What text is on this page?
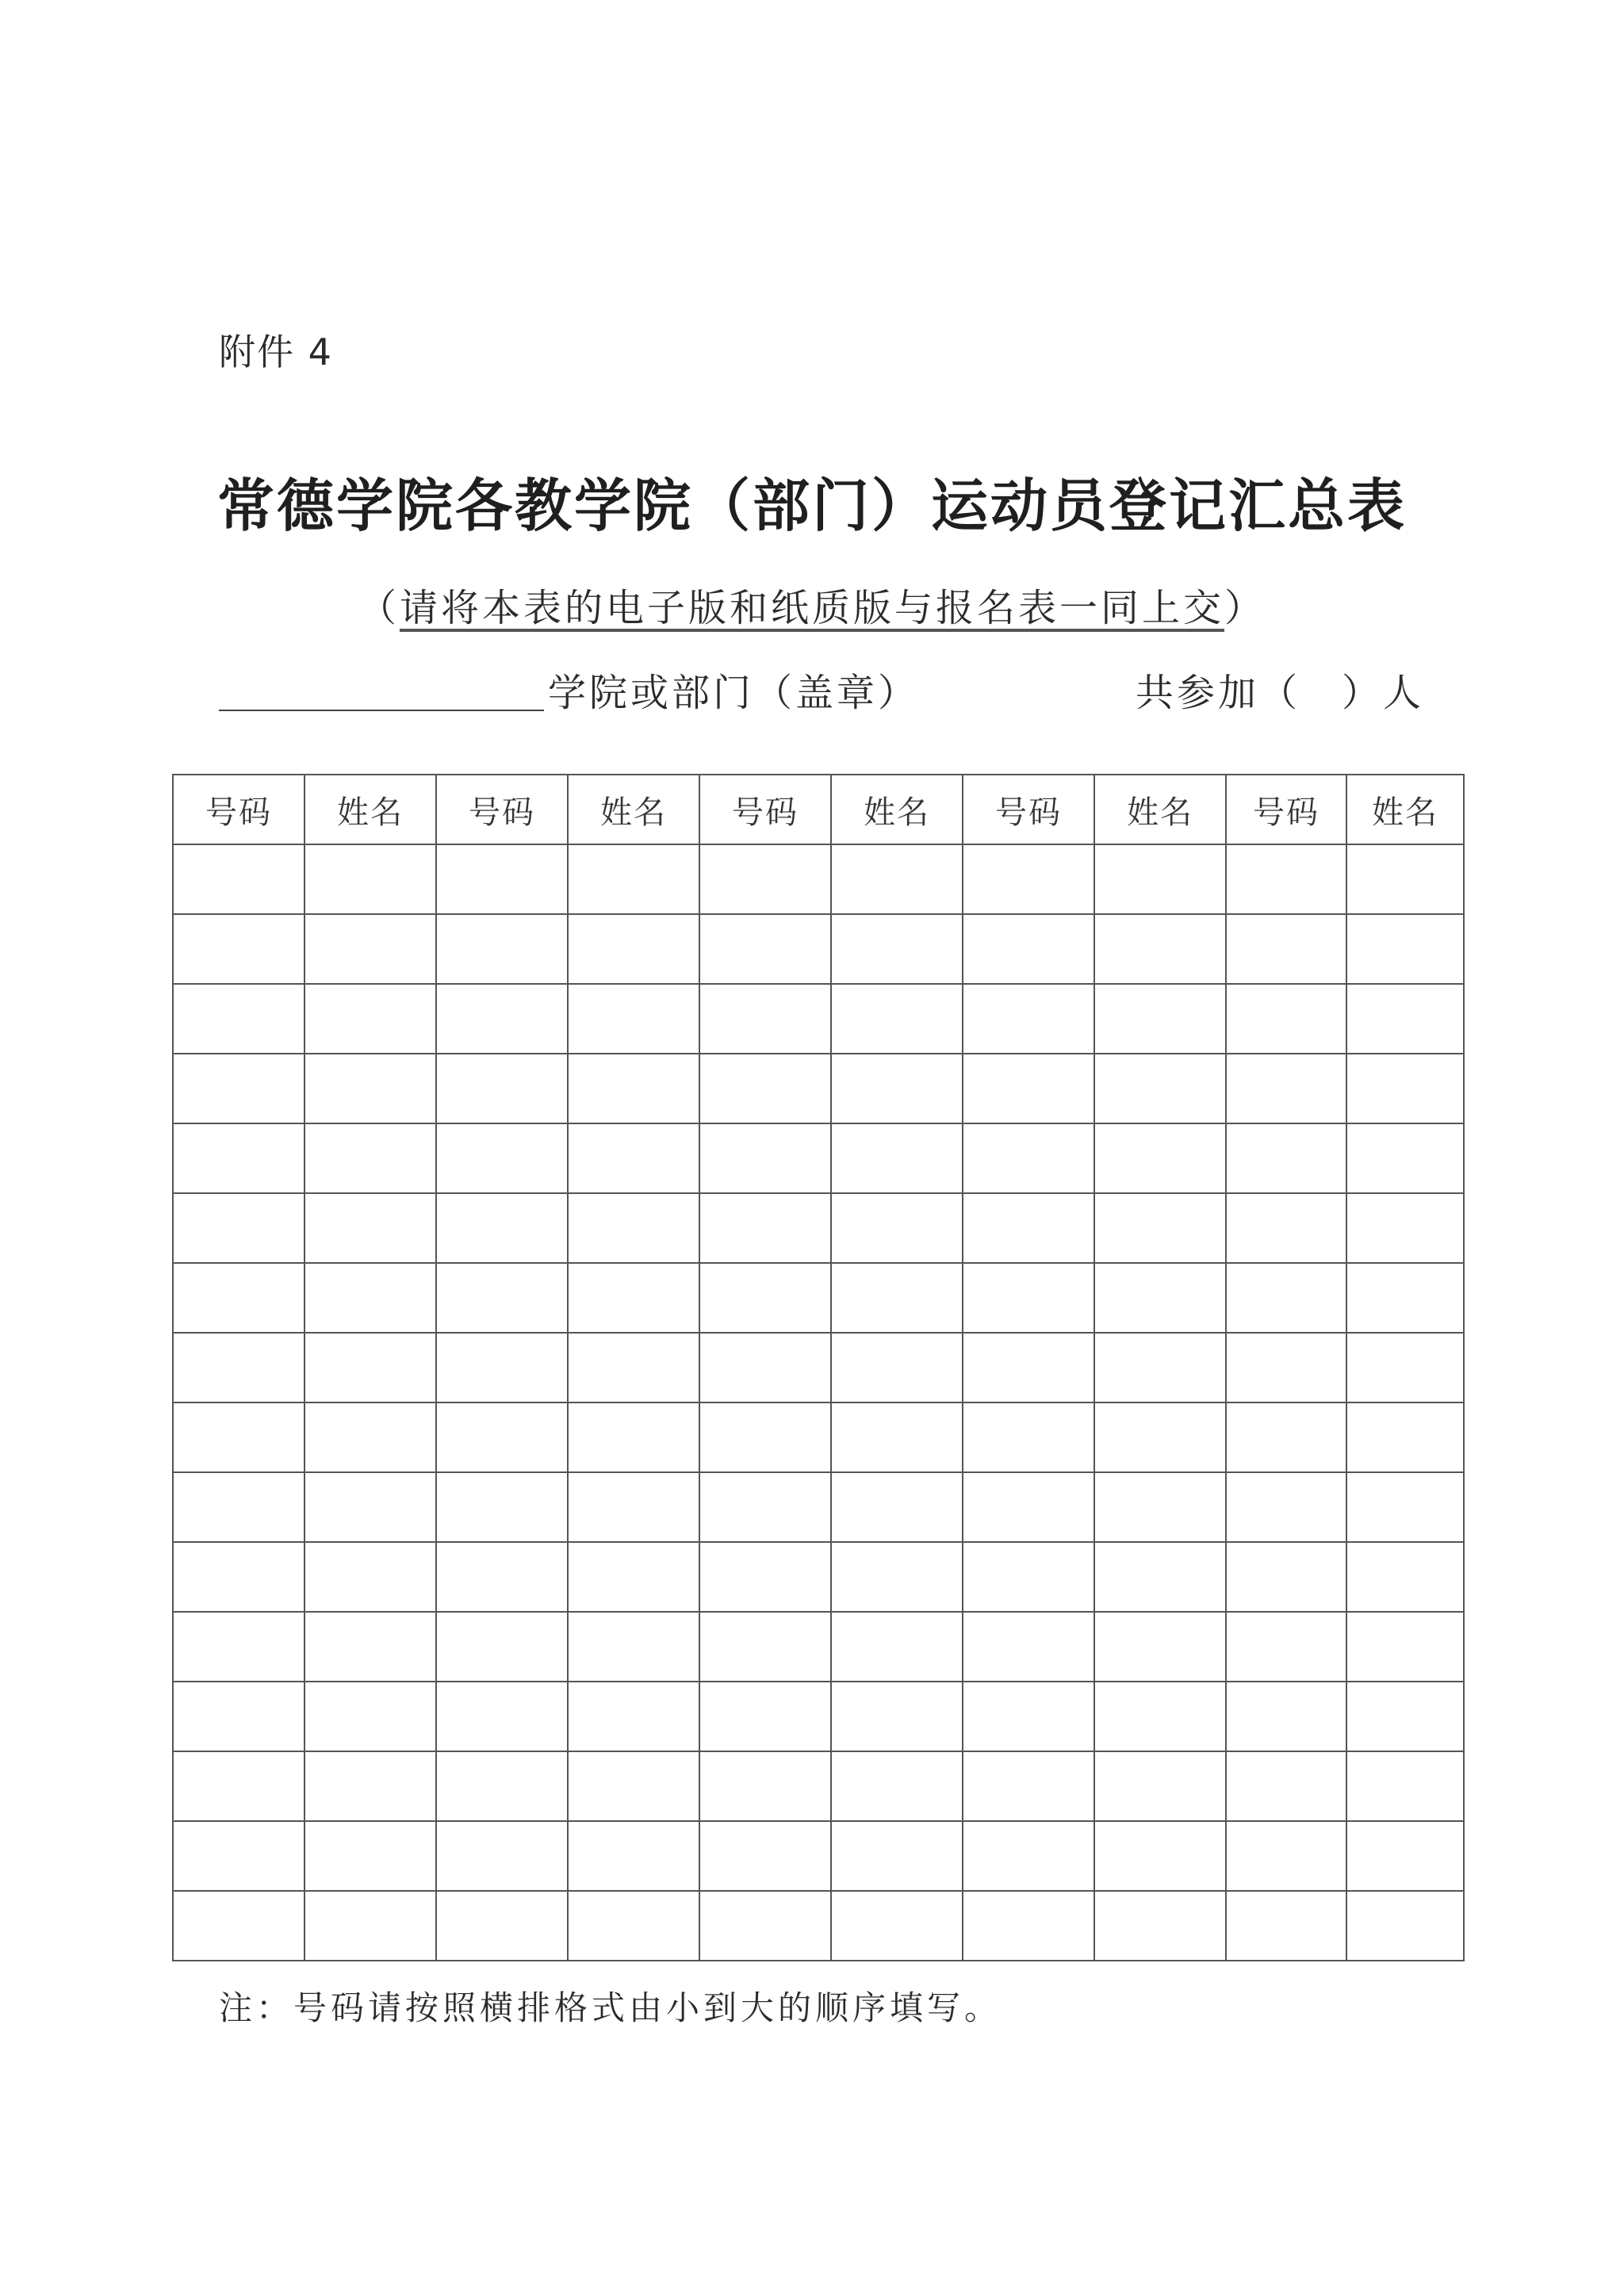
附件 4
常德学院各教学院（部门）运动员登记汇总表
（请将本表的电子版和纸质版与报名表一同上交）
学院或部门（盖章）	共参加（　）人
号码	姓名	号码	姓名	号码	姓名	号码	姓名	号码	姓名

注：号码请按照横排格式由小到大的顺序填写。
